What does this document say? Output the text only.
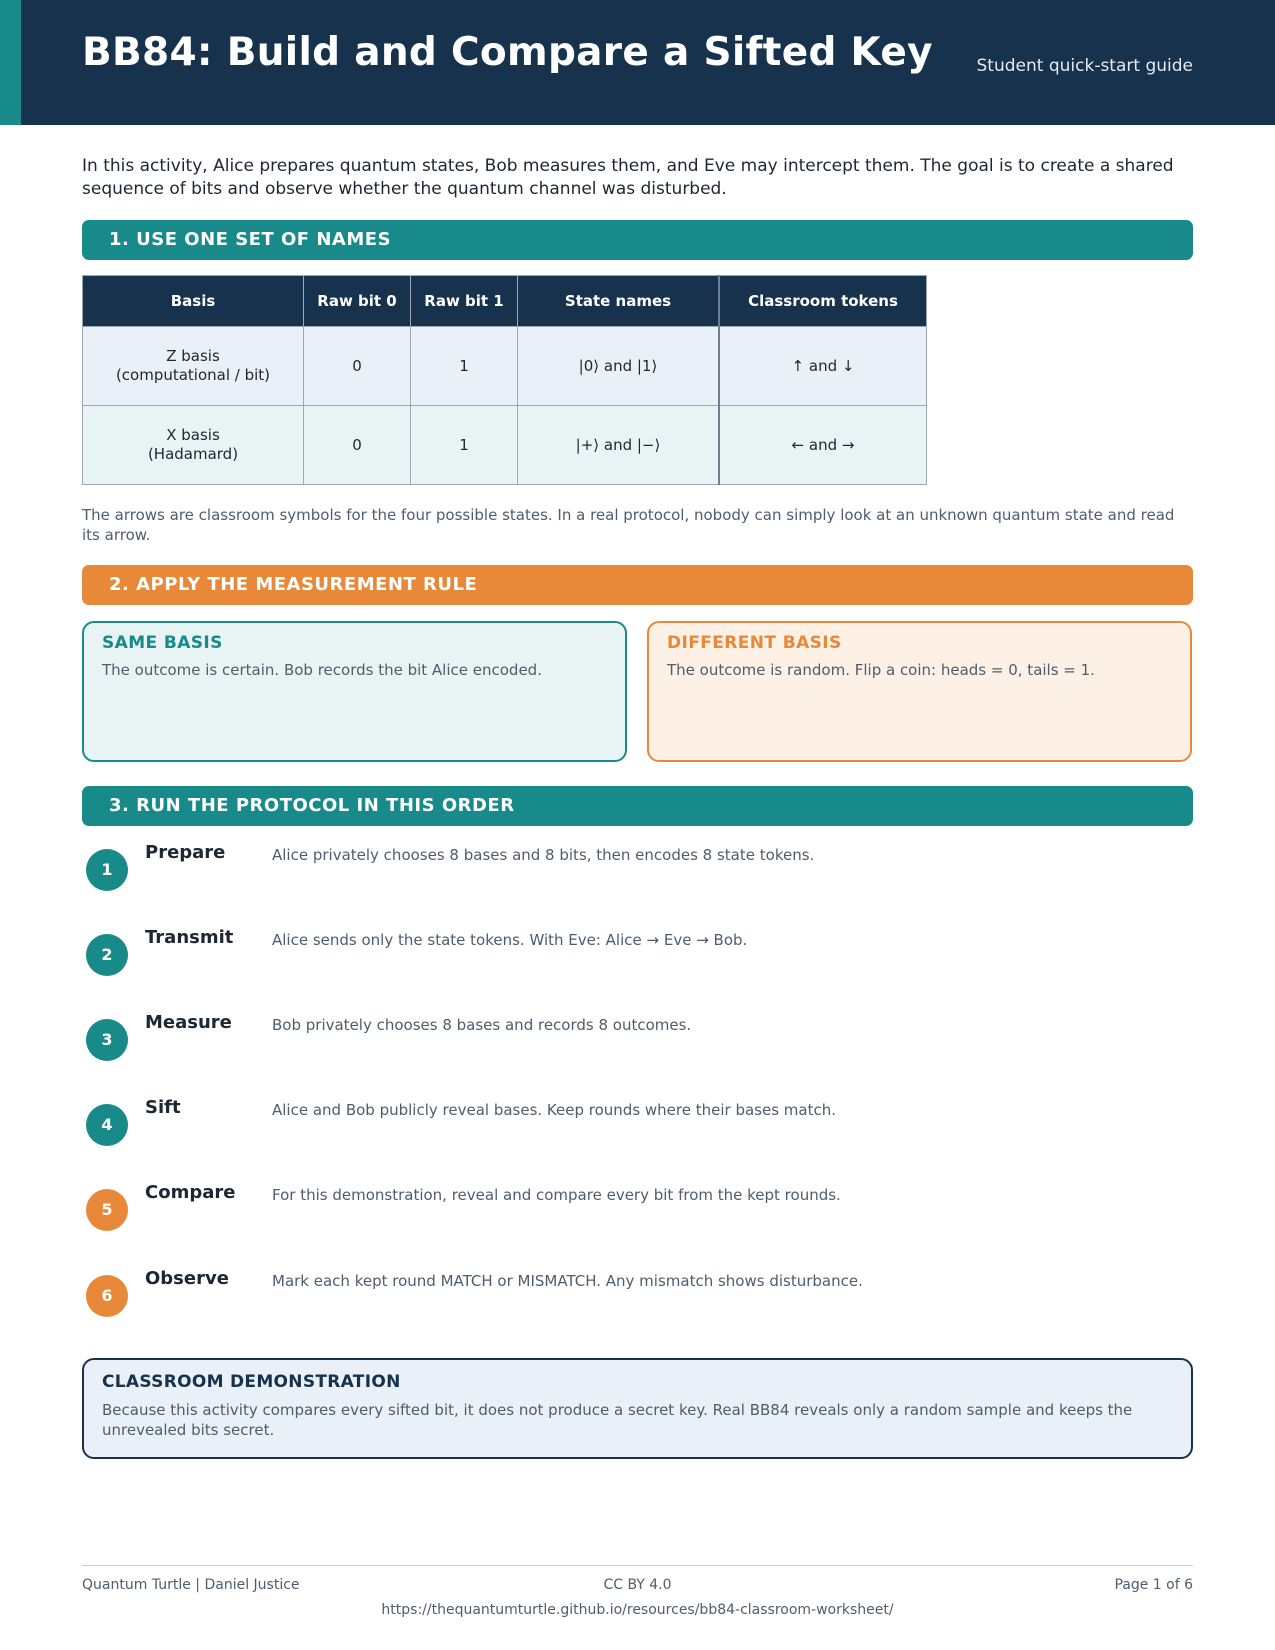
BB84: Build and Compare a Sifted Key	Student quick-start guide
In this activity, Alice prepares quantum states, Bob measures them, and Eve may intercept them. The goal is to create a shared sequence of bits and observe whether the quantum channel was disturbed.
1. USE ONE SET OF NAMES
Basis	Raw bit 0	Raw bit 1	State names	Classroom tokens
Z basis
(computational / bit)	0	1	|0⟩ and |1⟩	↑ and ↓
X basis
(Hadamard)	0	1	|+⟩ and |−⟩	← and →
The arrows are classroom symbols for the four possible states. In a real protocol, nobody can simply look at an unknown quantum state and read its arrow.
2. APPLY THE MEASUREMENT RULE
SAME BASIS
The outcome is certain. Bob records the bit Alice encoded.
DIFFERENT BASIS
The outcome is random. Flip a coin: heads = 0, tails = 1.
3. RUN THE PROTOCOL IN THIS ORDER
1
Prepare	Alice privately chooses 8 bases and 8 bits, then encodes 8 state tokens.
2
Transmit	Alice sends only the state tokens. With Eve: Alice → Eve → Bob.
3
Measure	Bob privately chooses 8 bases and records 8 outcomes.
4
Sift	Alice and Bob publicly reveal bases. Keep rounds where their bases match.
5
Compare For this demonstration, reveal and compare every bit from the kept rounds.
6
Observe	Mark each kept round MATCH or MISMATCH. Any mismatch shows disturbance.
CLASSROOM DEMONSTRATION
Because this activity compares every sifted bit, it does not produce a secret key. Real BB84 reveals only a random sample and keeps the unrevealed bits secret.
Quantum Turtle | Daniel Justice	CC BY 4.0	Page 1 of 6
https://thequantumturtle.github.io/resources/bb84-classroom-worksheet/
